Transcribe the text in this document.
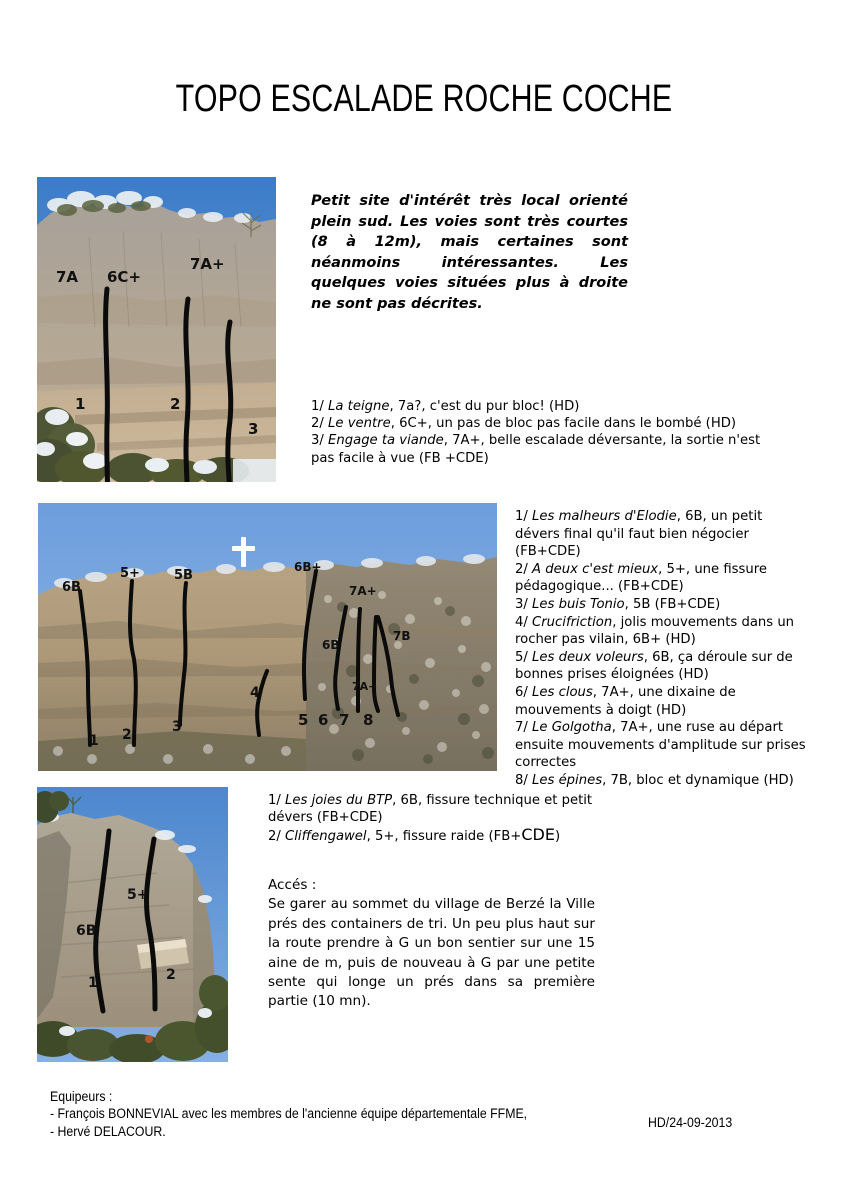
TOPO ESCALADE ROCHE COCHE
7A 6C+
7A+
1	2
3
6B
5+	5B
6B+
6B
7A+
7A+
7B
1 2	3
4
5 6 7 8
6B
5+
1	2
Petit site d'intérêt très local orienté plein sud. Les voies sont très courtes (8 à 12m), mais certaines sont néanmoins intéressantes. Les quelques voies situées plus à droite ne sont pas décrites.
1/ La teigne, 7a?, c'est du pur bloc! (HD)
2/ Le ventre, 6C+, un pas de bloc pas facile dans le bombé (HD)
3/ Engage ta viande, 7A+, belle escalade déversante, la sortie n'est pas facile à vue (FB +CDE)
1/ Les malheurs d'Elodie, 6B, un petit dévers final qu'il faut bien négocier (FB+CDE)
2/ A deux c'est mieux, 5+, une fissure pédagogique... (FB+CDE)
3/ Les buis Tonio, 5B (FB+CDE)
4/ Crucifriction, jolis mouvements dans un rocher pas vilain, 6B+ (HD)
5/ Les deux voleurs, 6B, ça déroule sur de bonnes prises éloignées (HD)
6/ Les clous, 7A+, une dixaine de mouvements à doigt (HD)
7/ Le Golgotha, 7A+, une ruse au départ ensuite mouvements d'amplitude sur prises correctes
8/ Les épines, 7B, bloc et dynamique (HD)
1/ Les joies du BTP, 6B, fissure technique et petit dévers (FB+CDE)
2/ Cliffengawel, 5+, fissure raide (FB+CDE)
Accés :
Se garer au sommet du village de Berzé la Ville prés des containers de tri. Un peu plus haut sur la route prendre à G un bon sentier sur une 15 aine de m, puis de nouveau à G par une petite sente qui longe un prés dans sa première partie (10 mn).
Equipeurs :
- François BONNEVIAL avec les membres de l'ancienne équipe départementale FFME,
- Hervé DELACOUR.
HD/24-09-2013
